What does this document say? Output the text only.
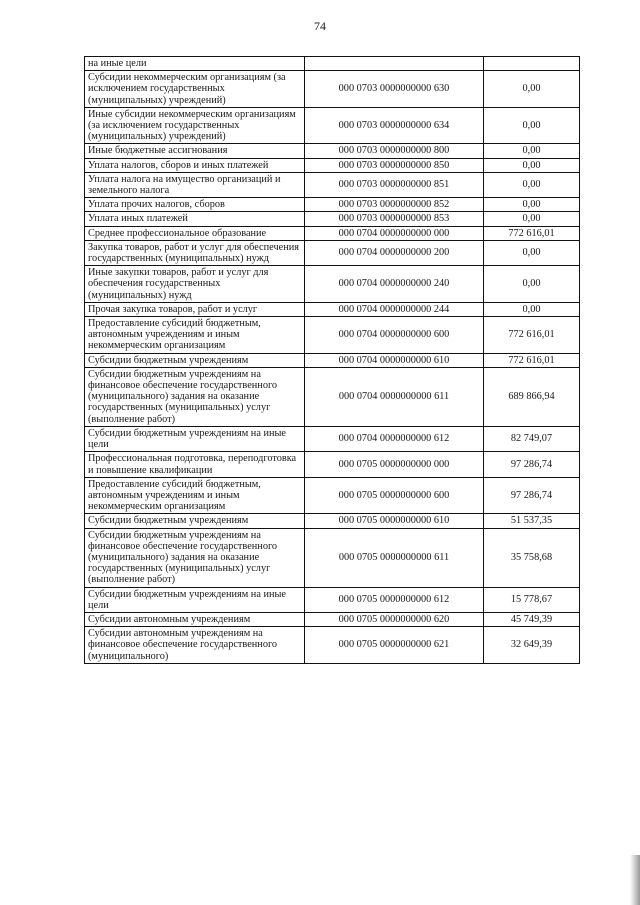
74
на иные цели		
Субсидии некоммерческим организациям (за исключением государственных (муниципальных) учреждений)	000 0703 0000000000 630	0,00
Иные субсидии некоммерческим организациям (за исключением государственных (муниципальных) учреждений)	000 0703 0000000000 634	0,00
Иные бюджетные ассигнования	000 0703 0000000000 800	0,00
Уплата налогов, сборов и иных платежей	000 0703 0000000000 850	0,00
Уплата налога на имущество организаций и земельного налога	000 0703 0000000000 851	0,00
Уплата прочих налогов, сборов	000 0703 0000000000 852	0,00
Уплата иных платежей	000 0703 0000000000 853	0,00
Среднее профессиональное образование	000 0704 0000000000 000	772 616,01
Закупка товаров, работ и услуг для обеспечения государственных (муниципальных) нужд	000 0704 0000000000 200	0,00
Иные закупки товаров, работ и услуг для обеспечения государственных (муниципальных) нужд	000 0704 0000000000 240	0,00
Прочая закупка товаров, работ и услуг	000 0704 0000000000 244	0,00
Предоставление субсидий бюджетным, автономным учреждениям и иным некоммерческим организациям	000 0704 0000000000 600	772 616,01
Субсидии бюджетным учреждениям	000 0704 0000000000 610	772 616,01
Субсидии бюджетным учреждениям на финансовое обеспечение государственного (муниципального) задания на оказание государственных (муниципальных) услуг (выполнение работ)	000 0704 0000000000 611	689 866,94
Субсидии бюджетным учреждениям на иные цели	000 0704 0000000000 612	82 749,07
Профессиональная подготовка, переподготовка и повышение квалификации	000 0705 0000000000 000	97 286,74
Предоставление субсидий бюджетным, автономным учреждениям и иным некоммерческим организациям	000 0705 0000000000 600	97 286,74
Субсидии бюджетным учреждениям	000 0705 0000000000 610	51 537,35
Субсидии бюджетным учреждениям на финансовое обеспечение государственного (муниципального) задания на оказание государственных (муниципальных) услуг (выполнение работ)	000 0705 0000000000 611	35 758,68
Субсидии бюджетным учреждениям на иные цели	000 0705 0000000000 612	15 778,67
Субсидии автономным учреждениям	000 0705 0000000000 620	45 749,39
Субсидии автономным учреждениям на финансовое обеспечение государственного (муниципального)	000 0705 0000000000 621	32 649,39
